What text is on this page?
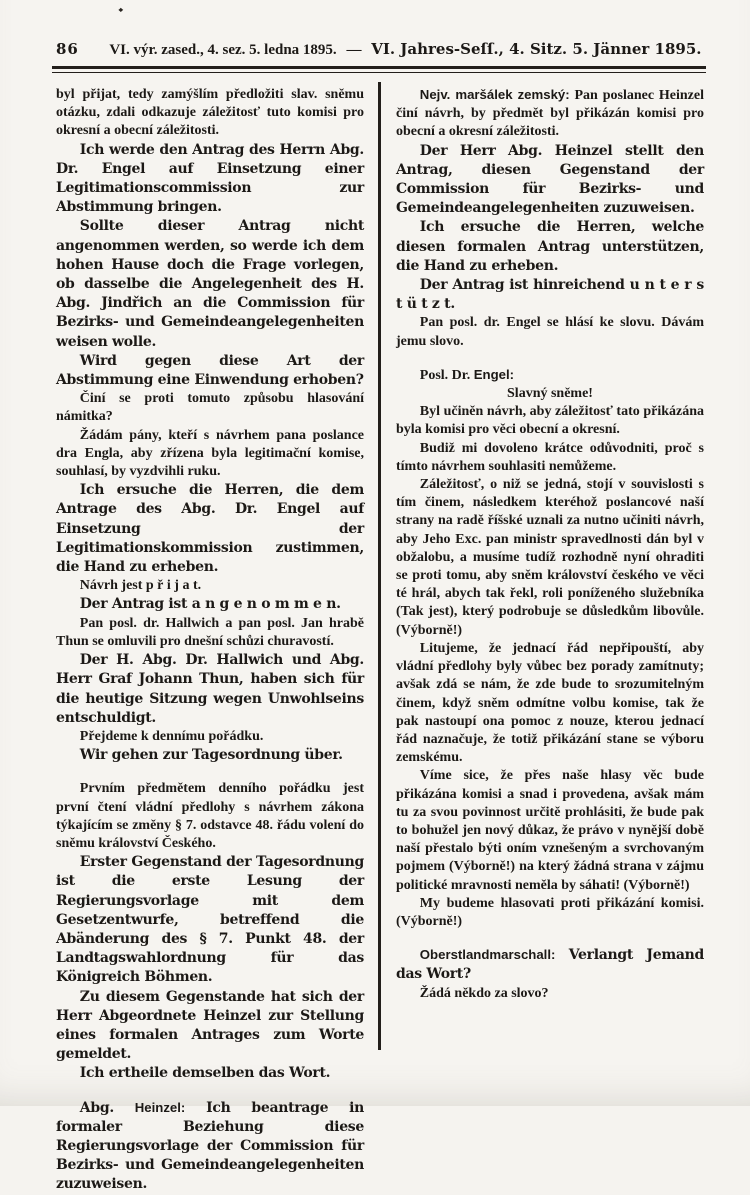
♦
86 VI. výr. zased., 4. sez. 5. ledna 1895. — VI. Jahres-Seſſ., 4. Sitz. 5. Jänner 1895.

byl přijat, tedy zamýšlím předložiti slav. sněmu otázku, zdali odkazuje záležitosť tuto komisi pro okresní a obecní záležitosti.

Ich werde den Antrag des Herrn Abg. Dr. Engel auf Einsetzung einer Legitimationscommission zur Abstimmung bringen.

Sollte dieser Antrag nicht angenommen werden, so werde ich dem hohen Hause doch die Frage vorlegen, ob dasselbe die Angelegenheit des H. Abg. Jindřich an die Commission für Bezirks- und Gemeindeangelegenheiten weisen wolle.

Wird gegen diese Art der Abstimmung eine Einwendung erhoben?

Činí se proti tomuto způsobu hlasování námitka?

Žádám pány, kteří s návrhem pana poslance dra Engla, aby zřízena byla legitimační komise, souhlasí, by vyzdvihli ruku.

Ich ersuche die Herren, die dem Antrage des Abg. Dr. Engel auf Einsetzung der Legitimationskommission zustimmen, die Hand zu erheben.

Návrh jest p ř i j a t.

Der Antrag ist a n g e n o m m e n.

Pan posl. dr. Hallwich a pan posl. Jan hrabě Thun se omluvili pro dnešní schůzi churavostí.

Der H. Abg. Dr. Hallwich und Abg. Herr Graf Johann Thun, haben sich für die heutige Sitzung wegen Unwohlseins entschuldigt.

Přejdeme k dennímu pořádku.

Wir gehen zur Tagesordnung über.

Prvním předmětem denního pořádku jest první čtení vládní předlohy s návrhem zákona týkajícím se změny § 7. odstavce 48. řádu volení do sněmu království Českého.

Erster Gegenstand der Tagesordnung ist die erste Lesung der Regierungsvorlage mit dem Gesetzentwurfe, betreffend die Abänderung des § 7. Punkt 48. der Landtagswahlordnung für das Königreich Böhmen.

Zu diesem Gegenstande hat sich der Herr Abgeordnete Heinzel zur Stellung eines formalen Antrages zum Worte gemeldet.

Ich ertheile demselben das Wort.

Abg. Heinzel: Ich beantrage in formaler Beziehung diese Regierungsvorlage der Commission für Bezirks- und Gemeindeangelegenheiten zuzuweisen.

Nejv. maršálek zemský: Pan poslanec Heinzel činí návrh, by předmět byl přikázán komisi pro obecní a okresní záležitosti.

Der Herr Abg. Heinzel stellt den Antrag, diesen Gegenstand der Commission für Bezirks- und Gemeindeangelegenheiten zuzuweisen.

Ich ersuche die Herren, welche diesen formalen Antrag unterstützen, die Hand zu erheben.

Der Antrag ist hinreichend u n t e r s t ü t z t.

Pan posl. dr. Engel se hlásí ke slovu. Dávám jemu slovo.

Posl. Dr. Engel:

Slavný sněme!

Byl učiněn návrh, aby záležitosť tato přikázána byla komisi pro věci obecní a okresní.

Budiž mi dovoleno krátce odůvodniti, proč s tímto návrhem souhlasiti nemůžeme.

Záležitosť, o niž se jedná, stojí v souvislosti s tím činem, následkem kteréhož poslancové naší strany na radě říšské uznali za nutno učiniti návrh, aby Jeho Exc. pan ministr spravedlnosti dán byl v obžalobu, a musíme tudíž rozhodně nyní ohraditi se proti tomu, aby sněm království českého ve věci té hrál, abych tak řekl, roli poníženého služebníka (Tak jest), který podrobuje se důsledkům libovůle. (Výborně!)

Litujeme, že jednací řád nepřipouští, aby vládní předlohy byly vůbec bez porady zamítnuty; avšak zdá se nám, že zde bude to srozumitelným činem, když sněm odmítne volbu komise, tak že pak nastoupí ona pomoc z nouze, kterou jednací řád naznačuje, že totiž přikázání stane se výboru zemskému.

Víme sice, že přes naše hlasy věc bude přikázána komisi a snad i provedena, avšak mám tu za svou povinnost určitě prohlásiti, že bude pak to bohužel jen nový důkaz, že právo v nynější době naší přestalo býti oním vznešeným a svrchovaným pojmem (Výborně!) na který žádná strana v zájmu politické mravnosti neměla by sáhati! (Výborně!)

My budeme hlasovati proti přikázání komisi. (Výborně!)

Oberstlandmarschall: Verlangt Jemand das Wort?

Žádá někdo za slovo?
